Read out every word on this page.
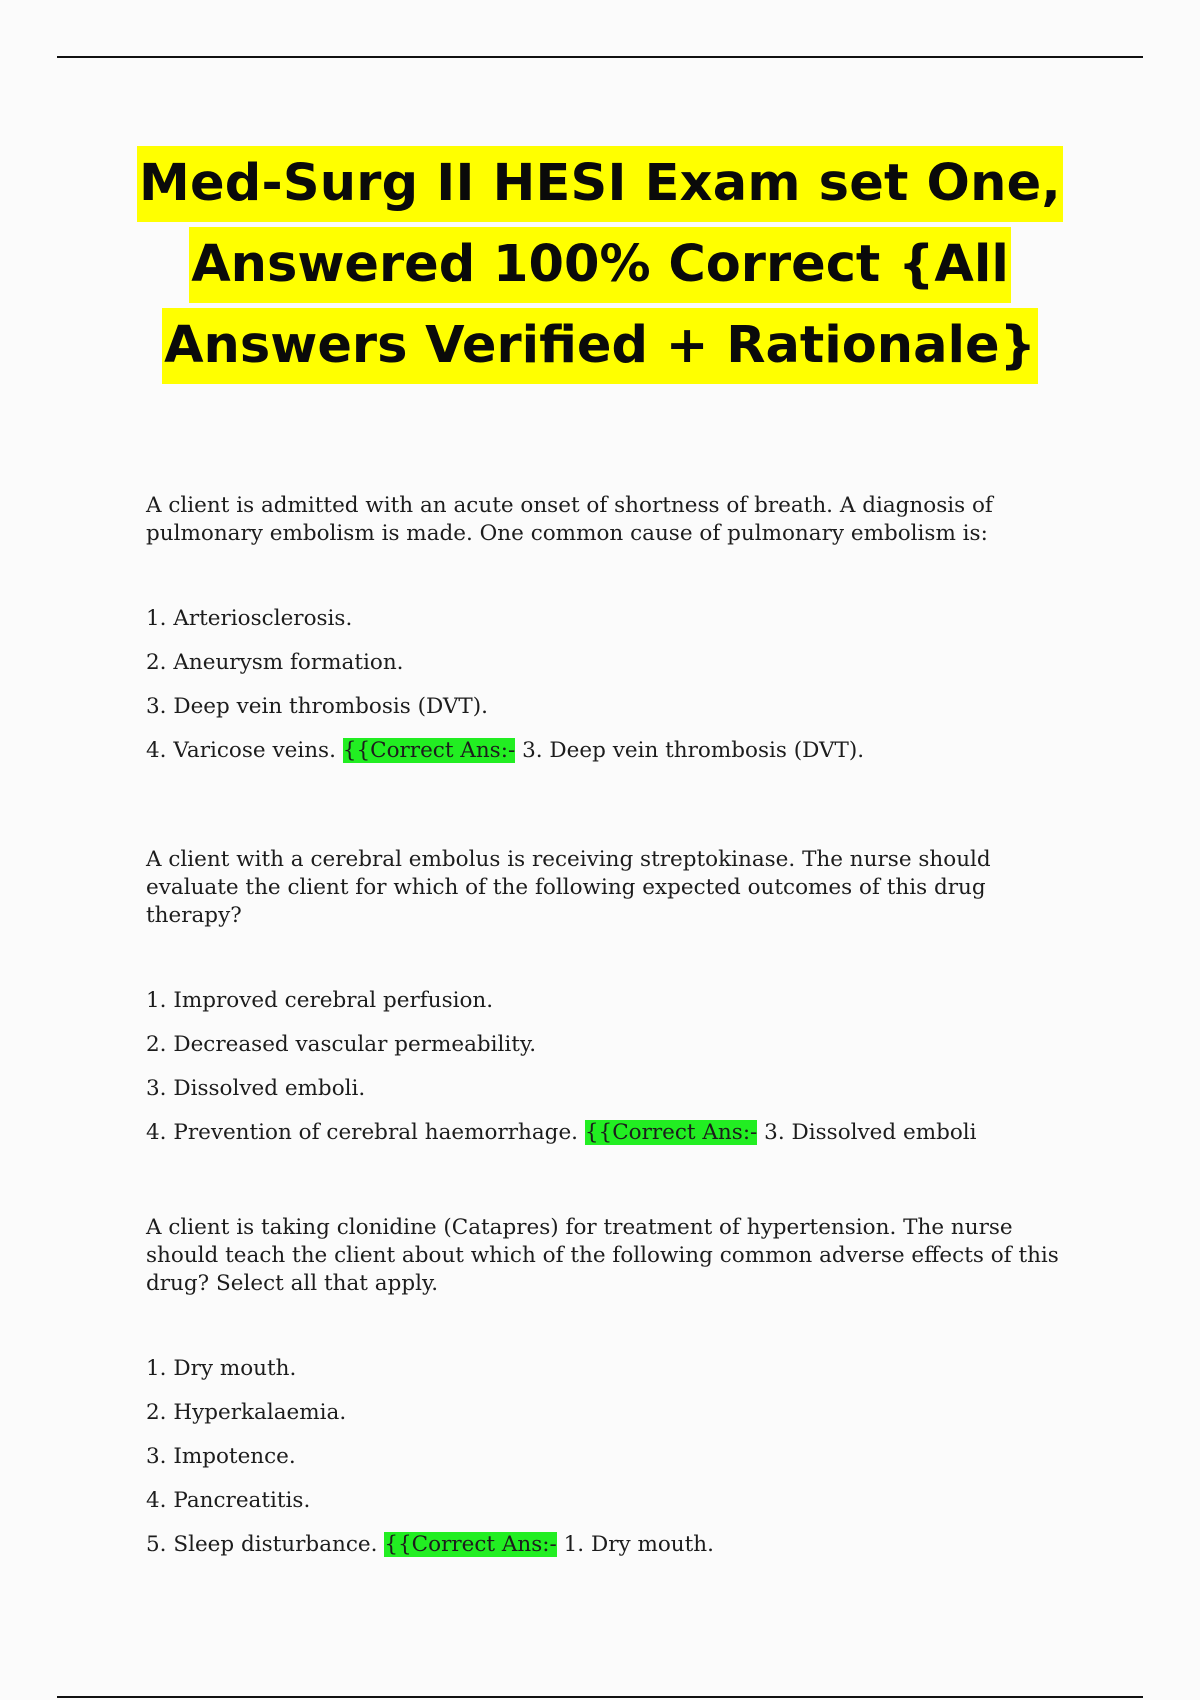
Med-Surg II HESI Exam set One,
Answered 100% Correct {All
Answers Verified + Rationale}

A client is admitted with an acute onset of shortness of breath. A diagnosis of pulmonary embolism is made. One common cause of pulmonary embolism is:

1. Arteriosclerosis.

2. Aneurysm formation.

3. Deep vein thrombosis (DVT).

4. Varicose veins. {{Correct Ans:- 3. Deep vein thrombosis (DVT).

A client with a cerebral embolus is receiving streptokinase. The nurse should evaluate the client for which of the following expected outcomes of this drug therapy?

1. Improved cerebral perfusion.

2. Decreased vascular permeability.

3. Dissolved emboli.

4. Prevention of cerebral haemorrhage. {{Correct Ans:- 3. Dissolved emboli

A client is taking clonidine (Catapres) for treatment of hypertension. The nurse should teach the client about which of the following common adverse effects of this drug? Select all that apply.

1. Dry mouth.

2. Hyperkalaemia.

3. Impotence.

4. Pancreatitis.

5. Sleep disturbance. {{Correct Ans:- 1. Dry mouth.
